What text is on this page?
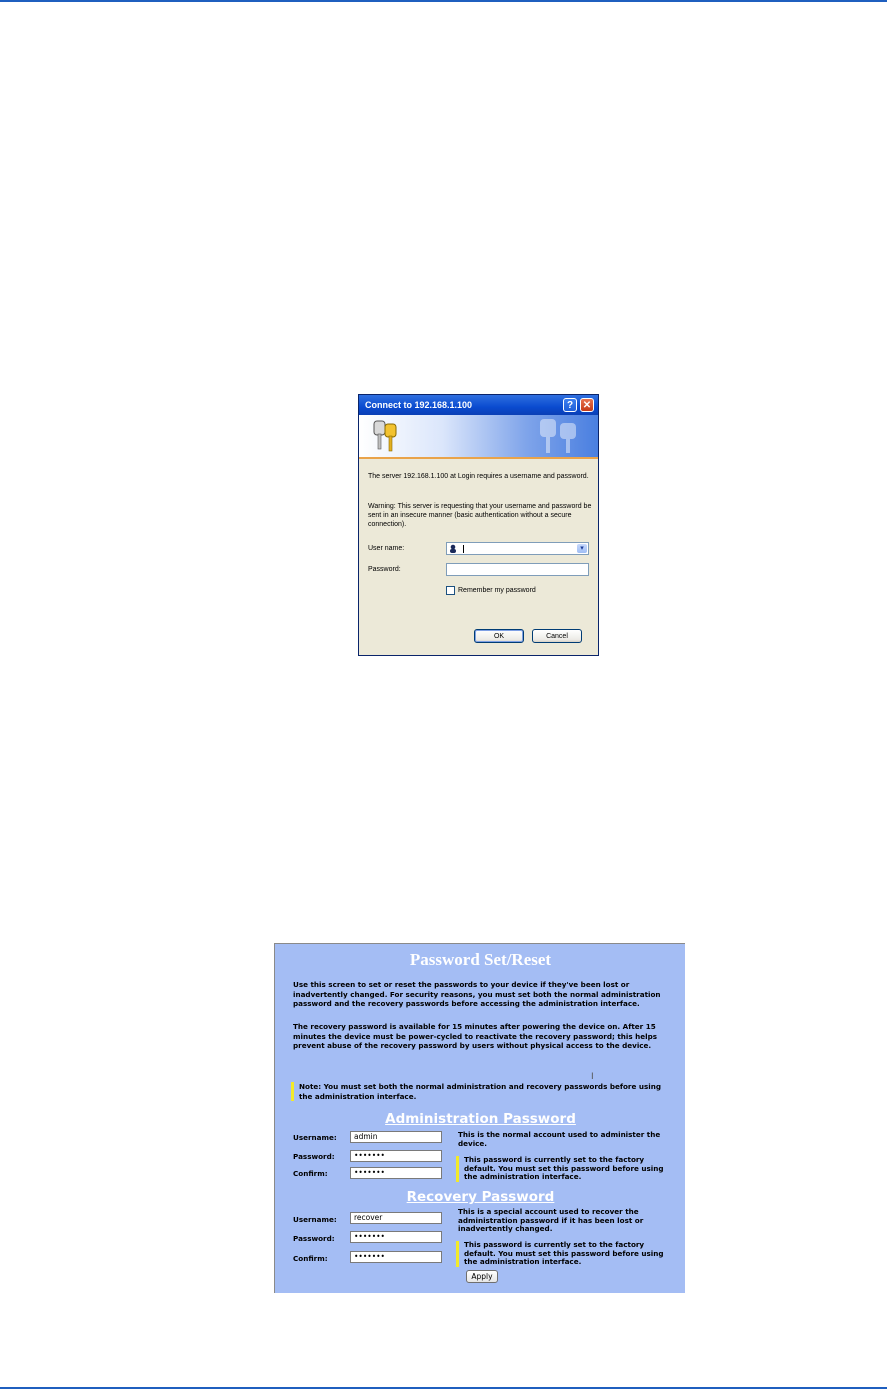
Connect to 192.168.1.100	? ✕
The server 192.168.1.100 at Login requires a username and password.
Warning: This server is requesting that your username and password be sent in an insecure manner (basic authentication without a secure connection).
User name:	▾
Password:
Remember my password
OK	Cancel
Password Set/Reset
Use this screen to set or reset the passwords to your device if they've been lost or inadvertently changed. For security reasons, you must set both the normal administration password and the recovery passwords before accessing the administration interface.
The recovery password is available for 15 minutes after powering the device on. After 15 minutes the device must be power-cycled to reactivate the recovery password; this helps prevent abuse of the recovery password by users without physical access to the device.
I
Note: You must set both the normal administration and recovery passwords before using the administration interface.
Administration Password
Username:	admin
Password:	•••••••
Confirm:	•••••••
This is the normal account used to administer the device.
This password is currently set to the factory default. You must set this password before using the administration interface.
Recovery Password
Username:	recover
Password:	•••••••
Confirm:	•••••••
This is a special account used to recover the administration password if it has been lost or inadvertently changed.
This password is currently set to the factory default. You must set this password before using the administration interface.
Apply
